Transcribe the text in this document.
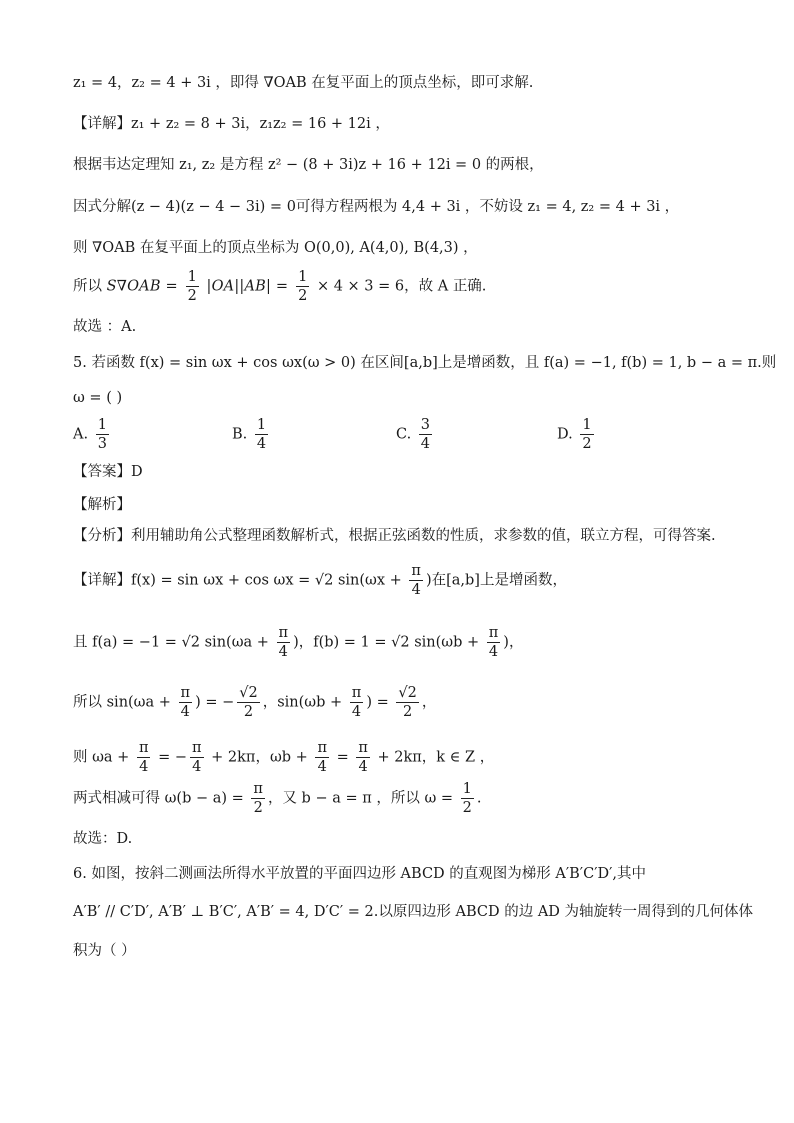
z₁ = 4，z₂ = 4 + 3i ，即得 ∇OAB 在复平面上的顶点坐标，即可求解.
【详解】z₁ + z₂ = 8 + 3i，z₁z₂ = 16 + 12i ，
根据韦达定理知 z₁, z₂ 是方程 z² − (8 + 3i)z + 16 + 12i = 0 的两根，
因式分解(z − 4)(z − 4 − 3i) = 0可得方程两根为 4,4 + 3i ，不妨设 z₁ = 4, z₂ = 4 + 3i ，
则 ∇OAB 在复平面上的顶点坐标为 O(0,0), A(4,0), B(4,3) ，
所以 $S\nabla OAB = \frac{1}{2} |OA||AB| = \frac{1}{2} \times 4 \times 3 = 6$，故 A 正确.
故选 ：A.
5. 若函数 f(x) = sin ωx + cos ωx(ω > 0) 在区间[a,b]上是增函数，且 f(a) = −1, f(b) = 1, b − a = π.则
ω = ( )
A. $\frac{1}{3}$	B. $\frac{1}{4}$	C. $\frac{3}{4}$	D. $\frac{1}{2}$
【答案】D
【解析】
【分析】利用辅助角公式整理函数解析式，根据正弦函数的性质，求参数的值，联立方程，可得答案.
【详解】f(x) = sin ωx + cos ωx = √2 $\sin(\omega x + \frac{\pi}{4}$ )在[a,b]上是增函数，
且 f(a) = −1 = √2 $\sin(\omega a + \frac{\pi}{4}$ )，f(b) = 1 = √2 $\sin(\omega b + \frac{\pi}{4}$ )，
所以 $\sin(\omega a + \frac{\pi}{4}$ ) = − $\frac{√2}{2}$ ，$\sin(\omega b + \frac{\pi}{4}$ ) = $\frac{√2}{2}$ ，
则 $\omega a + \frac{\pi}{4}$ = − $\frac{\pi}{4} + 2k\pi$，$\omega b + \frac{\pi}{4} = \frac{\pi}{4} + 2k\pi$，k ∈ Z ，
两式相减可得 $\omega(b - a) = \frac{\pi}{2}$ ，又 b − a = π ，所以 $\omega = \frac{1}{2}$ .
故选：D.
6. 如图，按斜二测画法所得水平放置的平面四边形 ABCD 的直观图为梯形 A′B′C′D′,其中
A′B′ // C′D′, A′B′ ⊥ B′C′, A′B′ = 4, D′C′ = 2.以原四边形 ABCD 的边 AD 为轴旋转一周得到的几何体体
积为（ ）
